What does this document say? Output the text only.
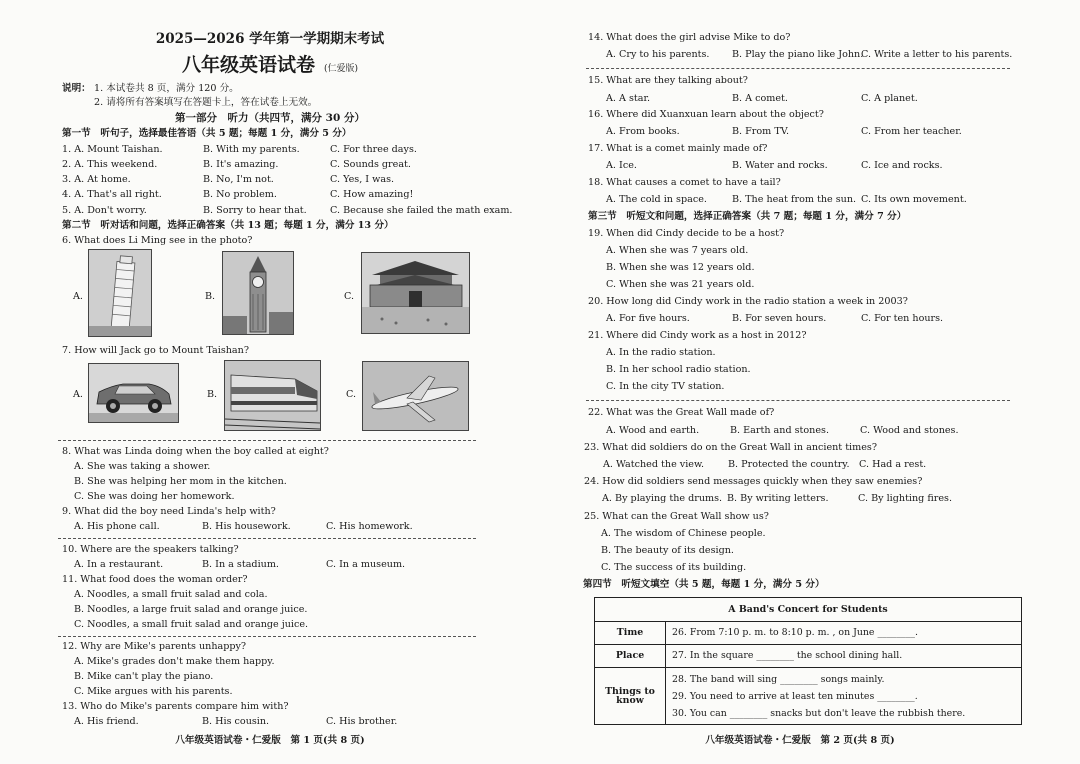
2025—2026 学年第一学期期末考试
八年级英语试卷 (仁爱版)
说明： 1. 本试卷共 8 页，满分 120 分。
2. 请将所有答案填写在答题卡上，答在试卷上无效。
第一部分　听力（共四节，满分 30 分）
第一节　听句子，选择最佳答语（共 5 题；每题 1 分，满分 5 分）
1. A. Mount Taishan.	B. With my parents.	C. For three days.
2. A. This weekend.	B. It's amazing.	C. Sounds great.
3. A. At home.	B. No, I'm not.	C. Yes, I was.
4. A. That's all right.	B. No problem.	C. How amazing!
5. A. Don't worry.	B. Sorry to hear that. C. Because she failed the math exam.
第二节　听对话和问题，选择正确答案（共 13 题；每题 1 分，满分 13 分）
6. What does Li Ming see in the photo?
A.	B.	C.
7. How will Jack go to Mount Taishan?
A.	B.	C.
8. What was Linda doing when the boy called at eight?
A. She was taking a shower.
B. She was helping her mom in the kitchen.
C. She was doing her homework.
9. What did the boy need Linda's help with?
A. His phone call.	B. His housework.	C. His homework.
10. Where are the speakers talking?
A. In a restaurant.	B. In a stadium.	C. In a museum.
11. What food does the woman order?
A. Noodles, a small fruit salad and cola.
B. Noodles, a large fruit salad and orange juice.
C. Noodles, a small fruit salad and orange juice.
12. Why are Mike's parents unhappy?
A. Mike's grades don't make them happy.
B. Mike can't play the piano.
C. Mike argues with his parents.
13. Who do Mike's parents compare him with?
A. His friend.	B. His cousin.	C. His brother.
八年级英语试卷・仁爱版　第 1 页(共 8 页)
14. What does the girl advise Mike to do?
A. Cry to his parents. B. Play the piano like John.
C. Write a letter to his parents.
15. What are they talking about?
A. A star.	B. A comet.	C. A planet.
16. Where did Xuanxuan learn about the object?
A. From books.	B. From TV.	C. From her teacher.
17. What is a comet mainly made of?
A. Ice.	B. Water and rocks.	C. Ice and rocks.
18. What causes a comet to have a tail?
A. The cold in space.	B. The heat from the sun. C. Its own movement.
第三节　听短文和问题，选择正确答案（共 7 题；每题 1 分，满分 7 分）
19. When did Cindy decide to be a host?
A. When she was 7 years old.
B. When she was 12 years old.
C. When she was 21 years old.
20. How long did Cindy work in the radio station a week in 2003?
A. For five hours.	B. For seven hours.	C. For ten hours.
21. Where did Cindy work as a host in 2012?
A. In the radio station.
B. In her school radio station.
C. In the city TV station.
22. What was the Great Wall made of?
A. Wood and earth.	B. Earth and stones.	C. Wood and stones.
23. What did soldiers do on the Great Wall in ancient times?
A. Watched the view. B. Protected the country. C. Had a rest.
24. How did soldiers send messages quickly when they saw enemies?
A. By playing the drums. B. By writing letters.	C. By lighting fires.
25. What can the Great Wall show us?
A. The wisdom of Chinese people.
B. The beauty of its design.
C. The success of its building.
第四节　听短文填空（共 5 题，每题 1 分，满分 5 分）
A Band's Concert for Students	
Time	26. From 7:10 p. m. to 8:10 p. m. , on June ________.
Place	27. In the square ________ the school dining hall.
Things to know	28. The band will sing ________ songs mainly.
29. You need to arrive at least ten minutes ________.
30. You can ________ snacks but don't leave the rubbish there.
八年级英语试卷・仁爱版　第 2 页(共 8 页)
